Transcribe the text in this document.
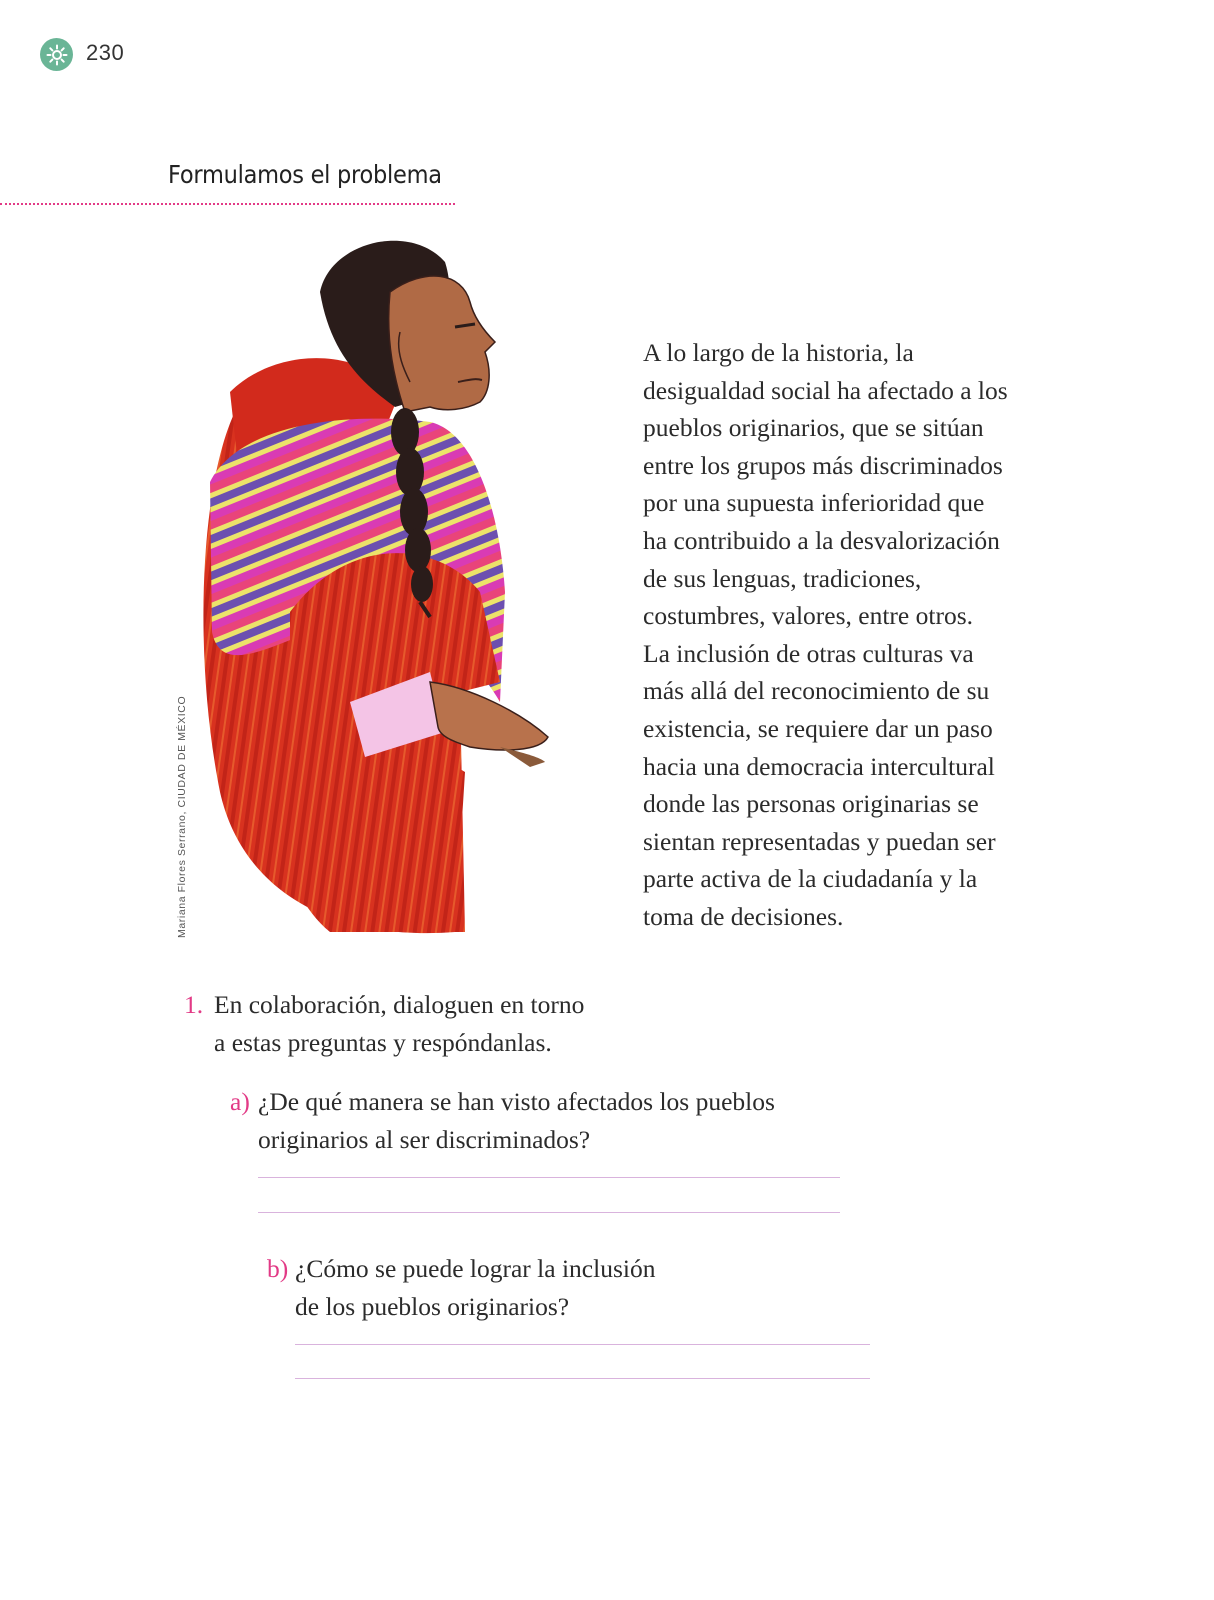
230
Formulamos el problema
Mariana Flores Serrano, CIUDAD DE MÉXICO
A lo largo de la historia, la
desigualdad social ha afectado a los
pueblos originarios, que se sitúan
entre los grupos más discriminados
por una supuesta inferioridad que
ha contribuido a la desvalorización
de sus lenguas, tradiciones,
costumbres, valores, entre otros.
La inclusión de otras culturas va
más allá del reconocimiento de su
existencia, se requiere dar un paso
hacia una democracia intercultural
donde las personas originarias se
sientan representadas y puedan ser
parte activa de la ciudadanía y la
toma de decisiones.
1. En colaboración, dialoguen en torno
a estas preguntas y respóndanlas.
a) ¿De qué manera se han visto afectados los pueblos
originarios al ser discriminados?
b) ¿Cómo se puede lograr la inclusión
de los pueblos originarios?
